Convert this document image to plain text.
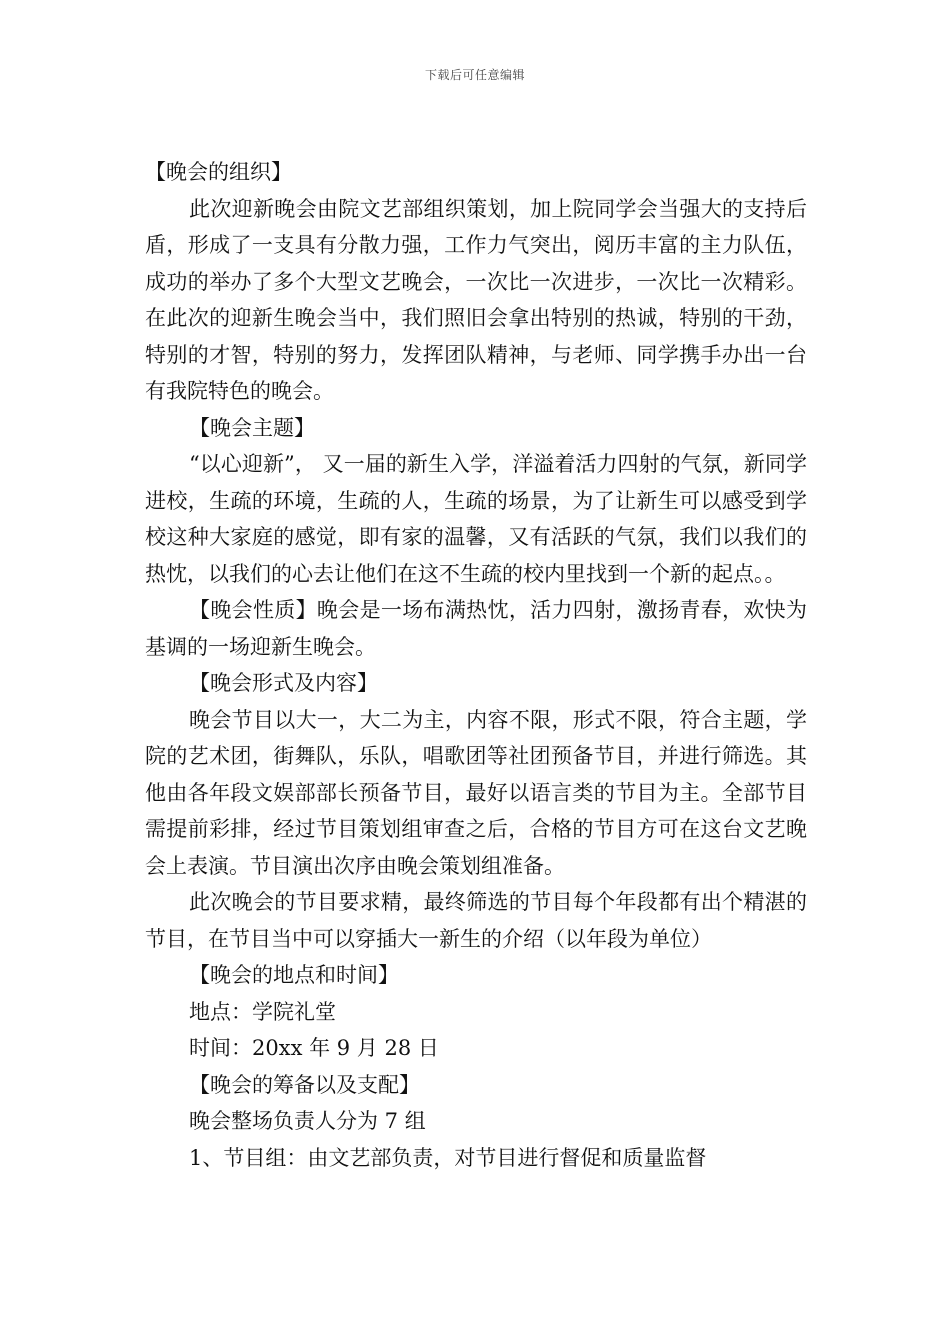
下载后可任意编辑

【晚会的组织】

此次迎新晚会由院文艺部组织策划，加上院同学会当强大的支持后盾，形成了一支具有分散力强，工作力气突出，阅历丰富的主力队伍，成功的举办了多个大型文艺晚会，一次比一次进步，一次比一次精彩。在此次的迎新生晚会当中，我们照旧会拿出特别的热诚，特别的干劲，特别的才智，特别的努力，发挥团队精神，与老师、同学携手办出一台有我院特色的晚会。

【晚会主题】

“以心迎新”， 又一届的新生入学，洋溢着活力四射的气氛，新同学进校，生疏的环境，生疏的人，生疏的场景，为了让新生可以感受到学校这种大家庭的感觉，即有家的温馨，又有活跃的气氛，我们以我们的热忱，以我们的心去让他们在这不生疏的校内里找到一个新的起点。。

【晚会性质】晚会是一场布满热忱，活力四射，激扬青春，欢快为基调的一场迎新生晚会。

【晚会形式及内容】

晚会节目以大一，大二为主，内容不限，形式不限，符合主题，学院的艺术团，街舞队，乐队，唱歌团等社团预备节目，并进行筛选。其他由各年段文娱部部长预备节目，最好以语言类的节目为主。全部节目需提前彩排，经过节目策划组审查之后，合格的节目方可在这台文艺晚会上表演。节目演出次序由晚会策划组准备。

此次晚会的节目要求精，最终筛选的节目每个年段都有出个精湛的节目，在节目当中可以穿插大一新生的介绍（以年段为单位）

【晚会的地点和时间】

地点：学院礼堂

时间：20xx 年 9 月 28 日

【晚会的筹备以及支配】

晚会整场负责人分为 7 组

1、节目组：由文艺部负责，对节目进行督促和质量监督
